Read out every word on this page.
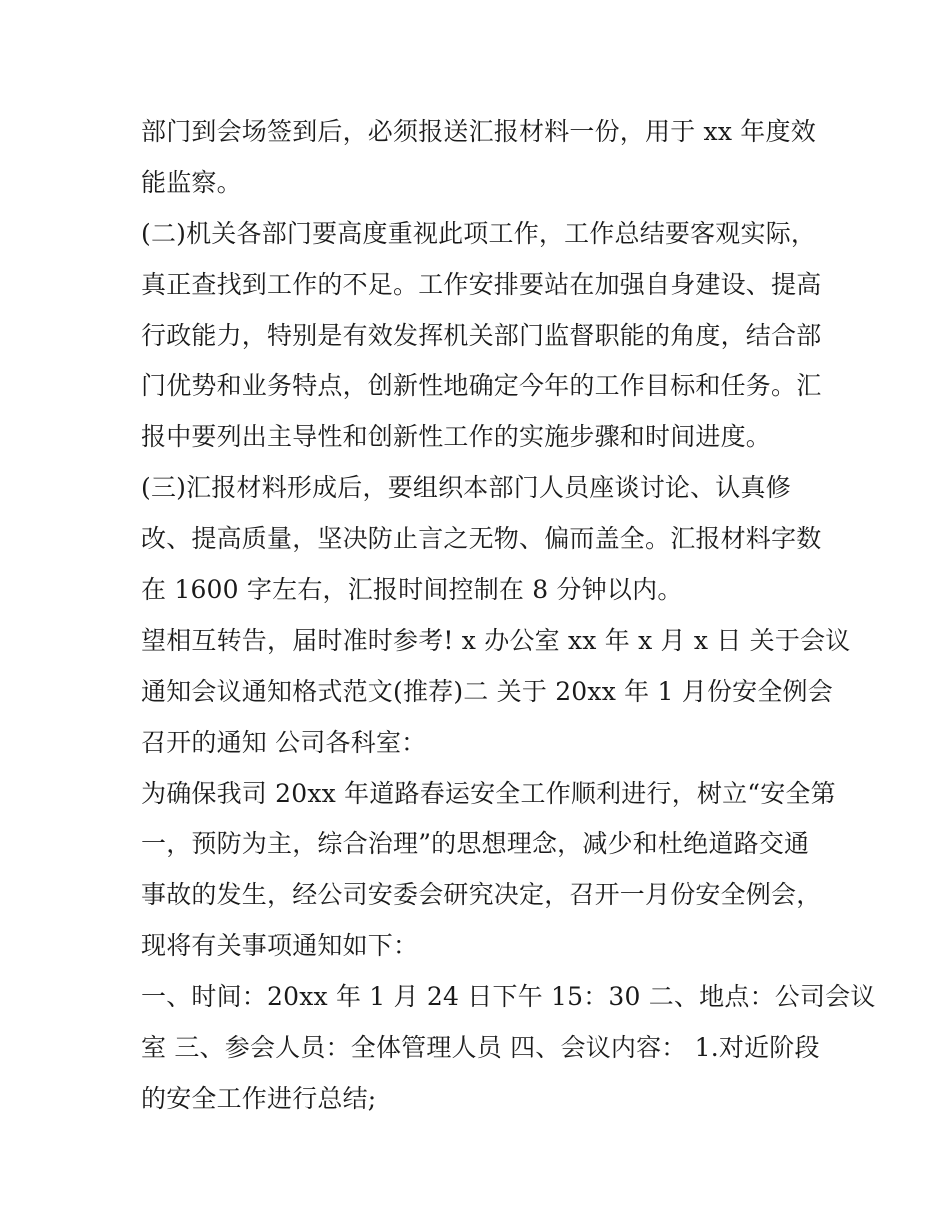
部门到会场签到后，必须报送汇报材料一份，用于 xx 年度效
能监察。
(二)机关各部门要高度重视此项工作，工作总结要客观实际，
真正查找到工作的不足。工作安排要站在加强自身建设、提高
行政能力，特别是有效发挥机关部门监督职能的角度，结合部
门优势和业务特点，创新性地确定今年的工作目标和任务。汇
报中要列出主导性和创新性工作的实施步骤和时间进度。
(三)汇报材料形成后，要组织本部门人员座谈讨论、认真修
改、提高质量，坚决防止言之无物、偏而盖全。汇报材料字数
在 1600 字左右，汇报时间控制在 8 分钟以内。
望相互转告，届时准时参考! x 办公室 xx 年 x 月 x 日 关于会议
通知会议通知格式范文(推荐)二 关于 20xx 年 1 月份安全例会
召开的通知 公司各科室：
为确保我司 20xx 年道路春运安全工作顺利进行，树立“安全第
一，预防为主，综合治理”的思想理念，减少和杜绝道路交通
事故的发生，经公司安委会研究决定，召开一月份安全例会，
现将有关事项通知如下：
一、时间：20xx 年 1 月 24 日下午 15：30 二、地点：公司会议
室 三、参会人员：全体管理人员 四、会议内容： 1.对近阶段
的安全工作进行总结;
